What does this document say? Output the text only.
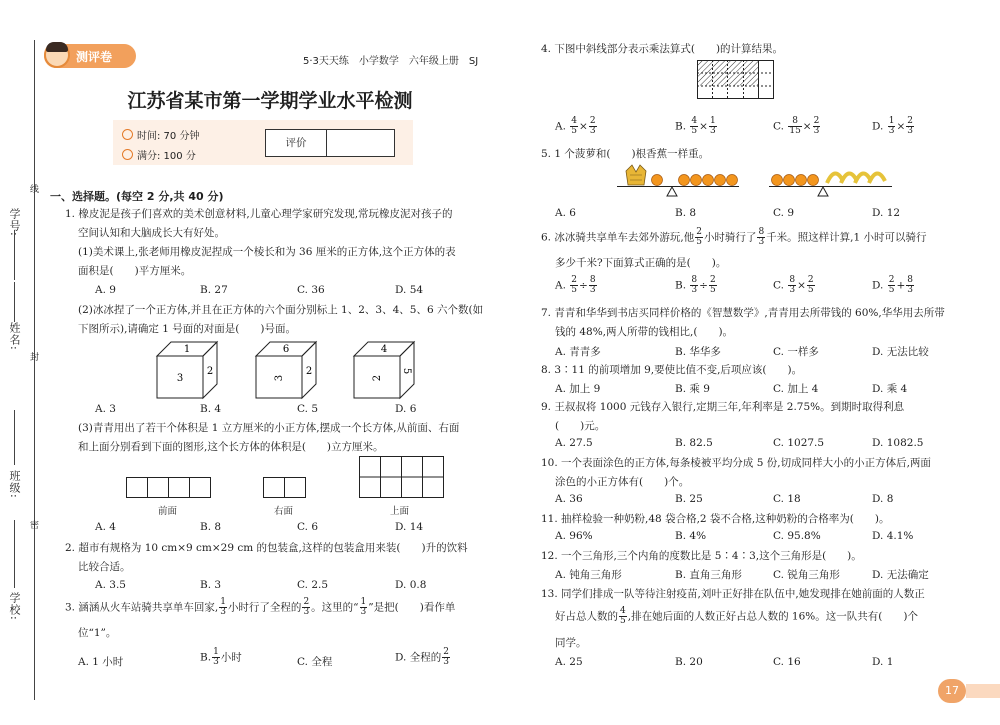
学号:
线
姓名:
封
班级:
密
学校:
测评卷	5·3天天练　小学数学　六年级上册　SJ
江苏省某市第一学期学业水平检测
时间: 70 分钟
满分: 100 分
评价
一、选择题。(每空 2 分,共 40 分)
1. 橡皮泥是孩子们喜欢的美术创意材料,儿童心理学家研究发现,常玩橡皮泥对孩子的
空间认知和大脑成长大有好处。
(1)美术课上,张老师用橡皮泥捏成一个棱长和为 36 厘米的正方体,这个正方体的表
面积是(　　)平方厘米。
A. 9	B. 27	C. 36	D. 54
(2)冰冰捏了一个正方体,并且在正方体的六个面分别标上 1、2、3、4、5、6 六个数(如
下图所示),请确定 1 号面的对面是(　　)号面。
1
3
2
6
3
2
4
2
5
A. 3	B. 4	C. 5	D. 6
(3)青青用出了若干个体积是 1 立方厘米的小正方体,摆成一个长方体,从前面、右面
和上面分别看到下面的图形,这个长方体的体积是(　　)立方厘米。
前面	右面	上面
A. 4	B. 8	C. 6	D. 14
2. 超市有规格为 10 cm×9 cm×29 cm 的包装盒,这样的包装盒用来装(　　)升的饮料
比较合适。
A. 3.5	B. 3	C. 2.5	D. 0.8
3. 涵涵从火车站骑共享单车回家, $\frac{1}{3}$ 小时行了全程的 $\frac{2}{3}$ 。这里的“ $\frac{1}{3}$ ”是把(　　)看作单
位“1”。
A. 1 小时	B. $\frac{1}{3}$ 小时	C. 全程	D. 全程的 $\frac{2}{3}$
4. 下图中斜线部分表示乘法算式(　　)的计算结果。
A. $\frac{4}{5} \times \frac{2}{3}$	B. $\frac{4}{5} \times \frac{1}{3}$	C. $\frac{8}{15} \times \frac{2}{3}$	D. $\frac{1}{3} \times \frac{2}{3}$
5. 1 个菠萝和(　　)根香蕉一样重。
A. 6	B. 8	C. 9	D. 12
6. 冰冰骑共享单车去郊外游玩,他 $\frac{2}{5}$ 小时骑行了 $\frac{8}{3}$ 千米。照这样计算,1 小时可以骑行
多少千米?下面算式正确的是(　　)。
A. $\frac{2}{5} \div \frac{8}{3}$	B. $\frac{8}{3} \div \frac{2}{5}$	C. $\frac{8}{3} \times \frac{2}{5}$	D. $\frac{2}{5} + \frac{8}{3}$
7. 青青和华华到书店买同样价格的《智慧数学》,青青用去所带钱的 60%,华华用去所带
钱的 48%,两人所带的钱相比,(　　)。
A. 青青多	B. 华华多	C. 一样多	D. 无法比较
8. 3∶11 的前项增加 9,要使比值不变,后项应该(　　)。
A. 加上 9	B. 乘 9	C. 加上 4	D. 乘 4
9. 王叔叔将 1000 元钱存入银行,定期三年,年利率是 2.75%。到期时取得利息
(　　)元。
A. 27.5	B. 82.5	C. 1027.5	D. 1082.5
10. 一个表面涂色的正方体,每条棱被平均分成 5 份,切成同样大小的小正方体后,两面
涂色的小正方体有(　　)个。
A. 36	B. 25	C. 18	D. 8
11. 抽样检验一种奶粉,48 袋合格,2 袋不合格,这种奶粉的合格率为(　　)。
A. 96%	B. 4%	C. 95.8%	D. 4.1%
12. 一个三角形,三个内角的度数比是 5∶4∶3,这个三角形是(　　)。
A. 钝角三角形	B. 直角三角形	C. 锐角三角形	D. 无法确定
13. 同学们排成一队等待注射疫苗,刘叶正好排在队伍中,她发现排在她前面的人数正
好占总人数的 $\frac{4}{5}$ ,排在她后面的人数正好占总人数的 16%。这一队共有(　　)个
同学。
A. 25	B. 20	C. 16	D. 1
17
